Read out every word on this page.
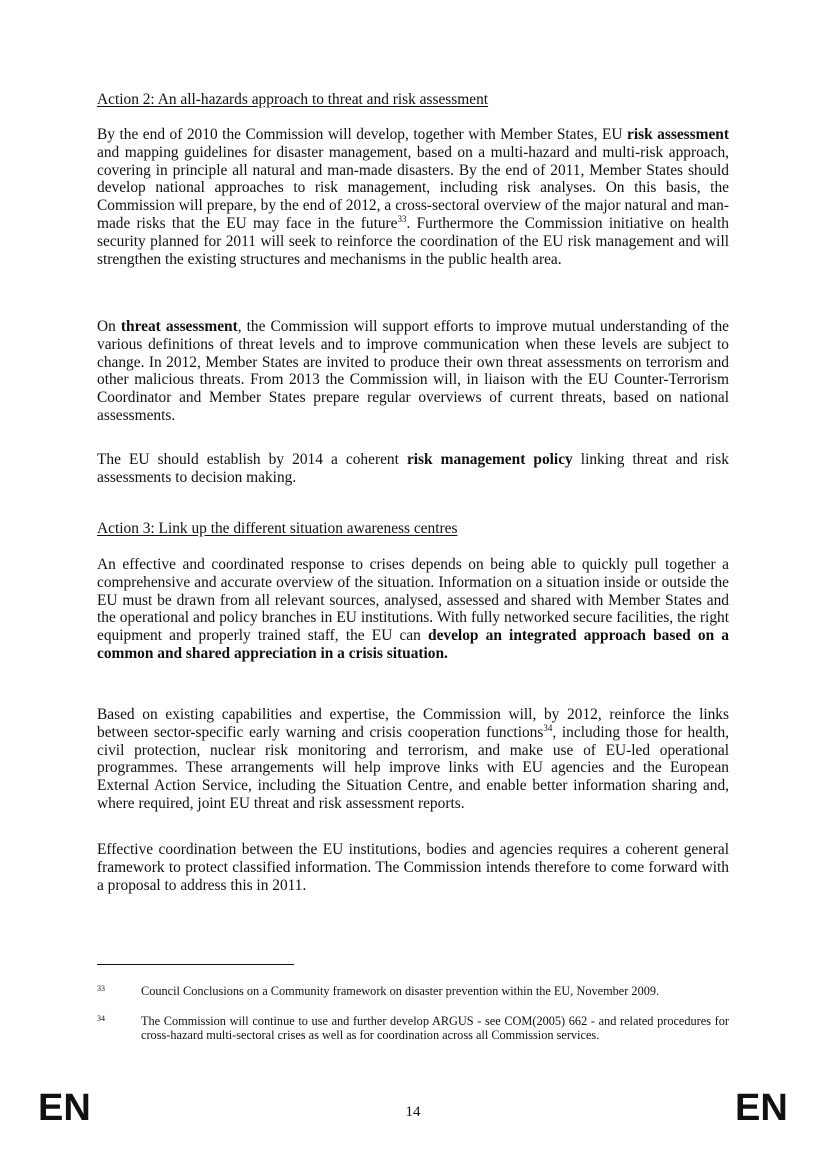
Action 2: An all-hazards approach to threat and risk assessment

By the end of 2010 the Commission will develop, together with Member States, EU risk assessment and mapping guidelines for disaster management, based on a multi-hazard and multi-risk approach, covering in principle all natural and man-made disasters. By the end of 2011, Member States should develop national approaches to risk management, including risk analyses. On this basis, the Commission will prepare, by the end of 2012, a cross-sectoral overview of the major natural and man-made risks that the EU may face in the future$^{33}$. Furthermore the Commission initiative on health security planned for 2011 will seek to reinforce the coordination of the EU risk management and will strengthen the existing structures and mechanisms in the public health area.

On threat assessment, the Commission will support efforts to improve mutual understanding of the various definitions of threat levels and to improve communication when these levels are subject to change. In 2012, Member States are invited to produce their own threat assessments on terrorism and other malicious threats. From 2013 the Commission will, in liaison with the EU Counter-Terrorism Coordinator and Member States prepare regular overviews of current threats, based on national assessments.

The EU should establish by 2014 a coherent risk management policy linking threat and risk assessments to decision making.

Action 3: Link up the different situation awareness centres

An effective and coordinated response to crises depends on being able to quickly pull together a comprehensive and accurate overview of the situation. Information on a situation inside or outside the EU must be drawn from all relevant sources, analysed, assessed and shared with Member States and the operational and policy branches in EU institutions. With fully networked secure facilities, the right equipment and properly trained staff, the EU can develop an integrated approach based on a common and shared appreciation in a crisis situation.

Based on existing capabilities and expertise, the Commission will, by 2012, reinforce the links between sector-specific early warning and crisis cooperation functions$^{34}$, including those for health, civil protection, nuclear risk monitoring and terrorism, and make use of EU-led operational programmes. These arrangements will help improve links with EU agencies and the European External Action Service, including the Situation Centre, and enable better information sharing and, where required, joint EU threat and risk assessment reports.

Effective coordination between the EU institutions, bodies and agencies requires a coherent general framework to protect classified information. The Commission intends therefore to come forward with a proposal to address this in 2011.

33	Council Conclusions on a Community framework on disaster prevention within the EU, November 2009.
34	The Commission will continue to use and further develop ARGUS - see COM(2005) 662 - and related procedures for cross-hazard multi-sectoral crises as well as for coordination across all Commission services.
EN	14	EN
